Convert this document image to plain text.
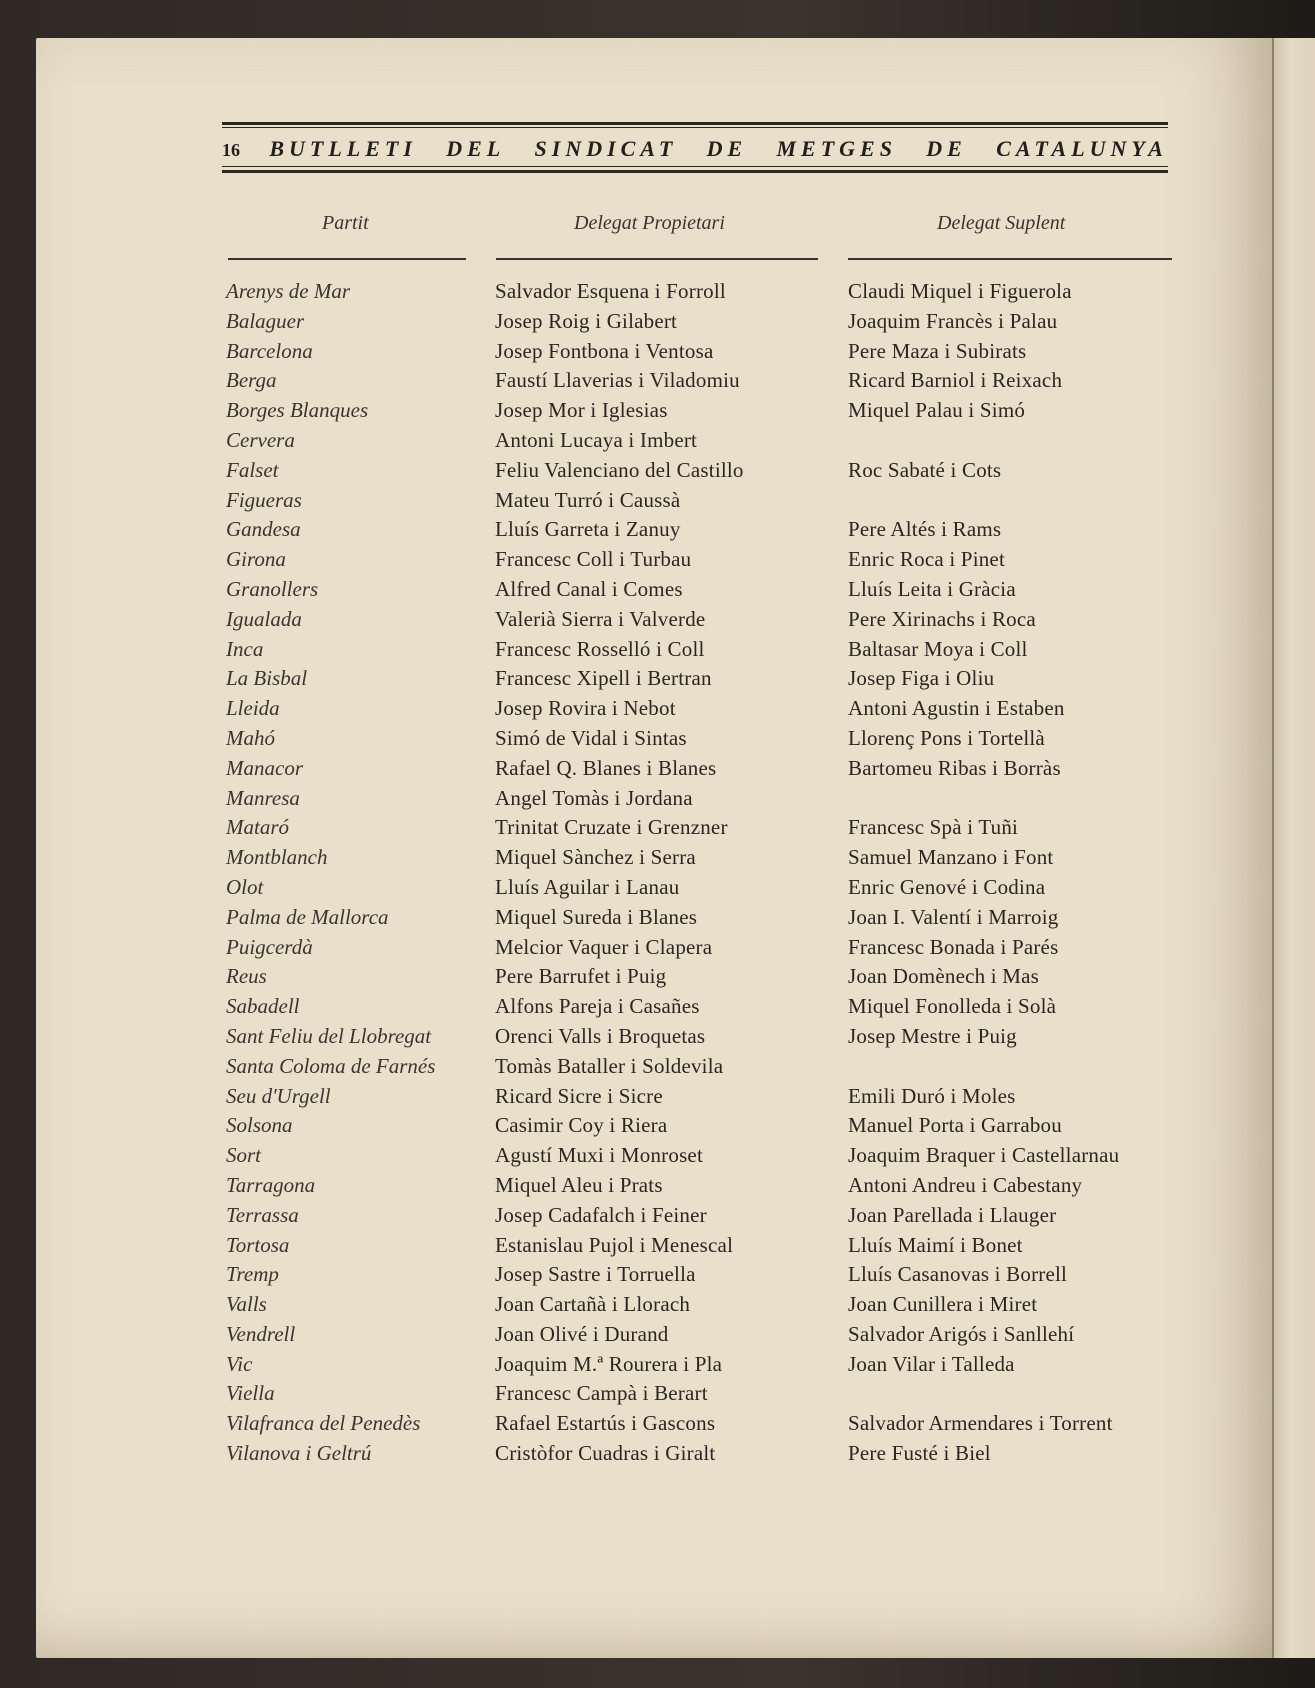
16 BUTLLETI DEL SINDICAT DE METGES DE CATALUNYA
Partit	Delegat Propietari	Delegat Suplent
Arenys de Mar
Balaguer
Barcelona
Berga
Borges Blanques
Cervera
Falset
Figueras
Gandesa
Girona
Granollers
Igualada
Inca
La Bisbal
Lleida
Mahó
Manacor
Manresa
Mataró
Montblanch
Olot
Palma de Mallorca
Puigcerdà
Reus
Sabadell
Sant Feliu del Llobregat
Santa Coloma de Farnés
Seu d'Urgell
Solsona
Sort
Tarragona
Terrassa
Tortosa
Tremp
Valls
Vendrell
Vic
Viella
Vilafranca del Penedès
Vilanova i Geltrú
Salvador Esquena i Forroll
Josep Roig i Gilabert
Josep Fontbona i Ventosa
Faustí Llaverias i Viladomiu
Josep Mor i Iglesias
Antoni Lucaya i Imbert
Feliu Valenciano del Castillo
Mateu Turró i Caussà
Lluís Garreta i Zanuy
Francesc Coll i Turbau
Alfred Canal i Comes
Valerià Sierra i Valverde
Francesc Rosselló i Coll
Francesc Xipell i Bertran
Josep Rovira i Nebot
Simó de Vidal i Sintas
Rafael Q. Blanes i Blanes
Angel Tomàs i Jordana
Trinitat Cruzate i Grenzner
Miquel Sànchez i Serra
Lluís Aguilar i Lanau
Miquel Sureda i Blanes
Melcior Vaquer i Clapera
Pere Barrufet i Puig
Alfons Pareja i Casañes
Orenci Valls i Broquetas
Tomàs Bataller i Soldevila
Ricard Sicre i Sicre
Casimir Coy i Riera
Agustí Muxi i Monroset
Miquel Aleu i Prats
Josep Cadafalch i Feiner
Estanislau Pujol i Menescal
Josep Sastre i Torruella
Joan Cartañà i Llorach
Joan Olivé i Durand
Joaquim M.ª Rourera i Pla
Francesc Campà i Berart
Rafael Estartús i Gascons
Cristòfor Cuadras i Giralt
Claudi Miquel i Figuerola
Joaquim Francès i Palau
Pere Maza i Subirats
Ricard Barniol i Reixach
Miquel Palau i Simó
Roc Sabaté i Cots
Pere Altés i Rams
Enric Roca i Pinet
Lluís Leita i Gràcia
Pere Xirinachs i Roca
Baltasar Moya i Coll
Josep Figa i Oliu
Antoni Agustin i Estaben
Llorenç Pons i Tortellà
Bartomeu Ribas i Borràs
Francesc Spà i Tuñi
Samuel Manzano i Font
Enric Genové i Codina
Joan I. Valentí i Marroig
Francesc Bonada i Parés
Joan Domènech i Mas
Miquel Fonolleda i Solà
Josep Mestre i Puig
Emili Duró i Moles
Manuel Porta i Garrabou
Joaquim Braquer i Castellarnau
Antoni Andreu i Cabestany
Joan Parellada i Llauger
Lluís Maimí i Bonet
Lluís Casanovas i Borrell
Joan Cunillera i Miret
Salvador Arigós i Sanllehí
Joan Vilar i Talleda
Salvador Armendares i Torrent
Pere Fusté i Biel
